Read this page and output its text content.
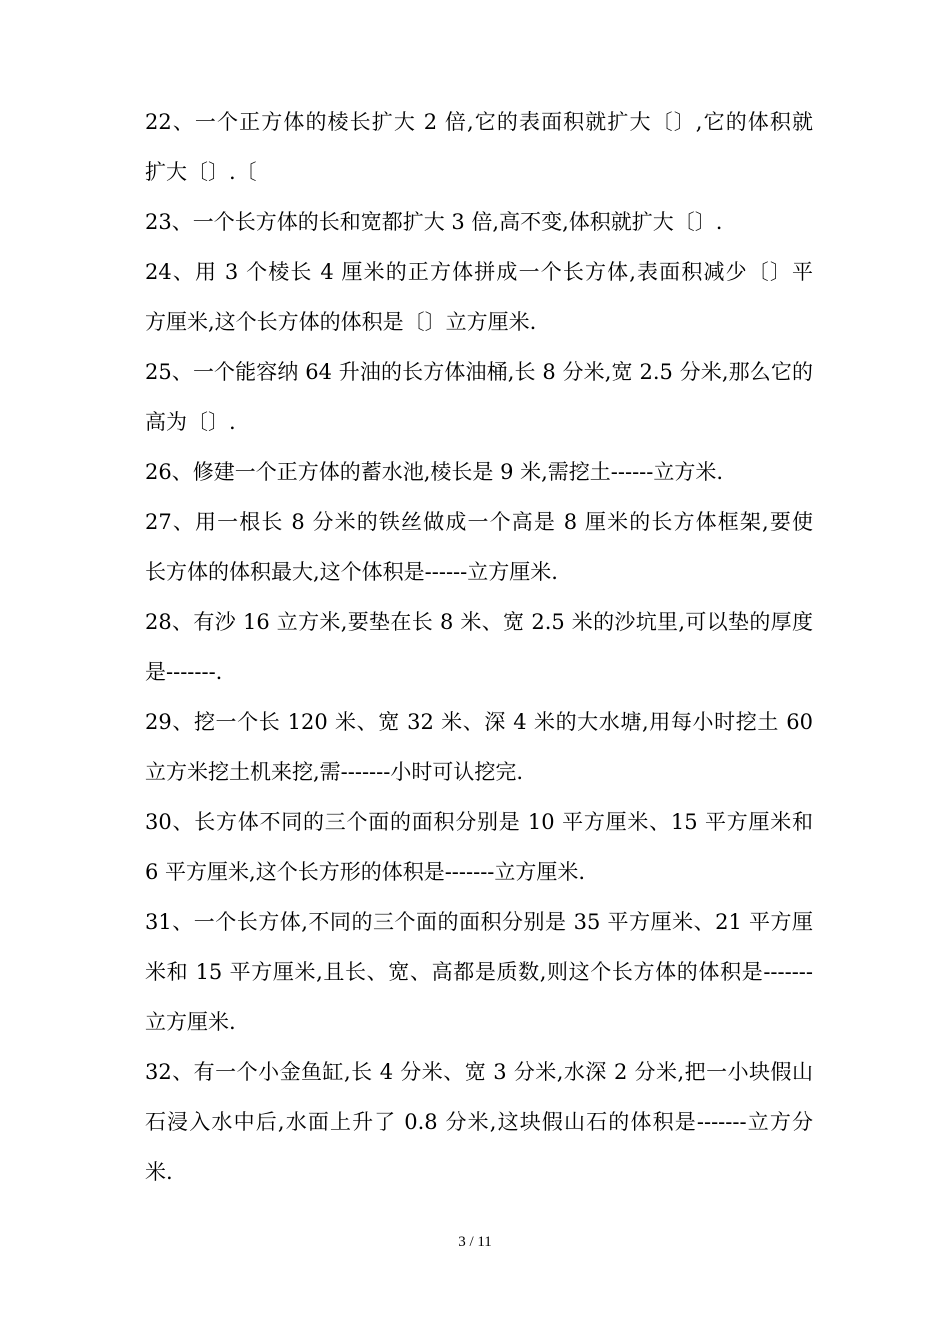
22、一个正方体的棱长扩大 2 倍,它的表面积就扩大〔〕,它的体积就
扩大〔〕.〔
23、一个长方体的长和宽都扩大 3 倍,高不变,体积就扩大〔〕.
24、用 3 个棱长 4 厘米的正方体拼成一个长方体,表面积减少〔〕平
方厘米,这个长方体的体积是〔〕立方厘米.
25、一个能容纳 64 升油的长方体油桶,长 8 分米,宽 2.5 分米,那么它的
高为〔〕.
26、修建一个正方体的蓄水池,棱长是 9 米,需挖土------立方米.
27、用一根长 8 分米的铁丝做成一个高是 8 厘米的长方体框架,要使
长方体的体积最大,这个体积是------立方厘米.
28、有沙 16 立方米,要垫在长 8 米、宽 2.5 米的沙坑里,可以垫的厚度
是-------.
29、挖一个长 120 米、宽 32 米、深 4 米的大水塘,用每小时挖土 60
立方米挖土机来挖,需-------小时可认挖完.
30、长方体不同的三个面的面积分别是 10 平方厘米、15 平方厘米和
6 平方厘米,这个长方形的体积是-------立方厘米.
31、一个长方体,不同的三个面的面积分别是 35 平方厘米、21 平方厘
米和 15 平方厘米,且长、宽、高都是质数,则这个长方体的体积是-------
立方厘米.
32、有一个小金鱼缸,长 4 分米、宽 3 分米,水深 2 分米,把一小块假山
石浸入水中后,水面上升了 0.8 分米,这块假山石的体积是-------立方分
米.
3 / 11
